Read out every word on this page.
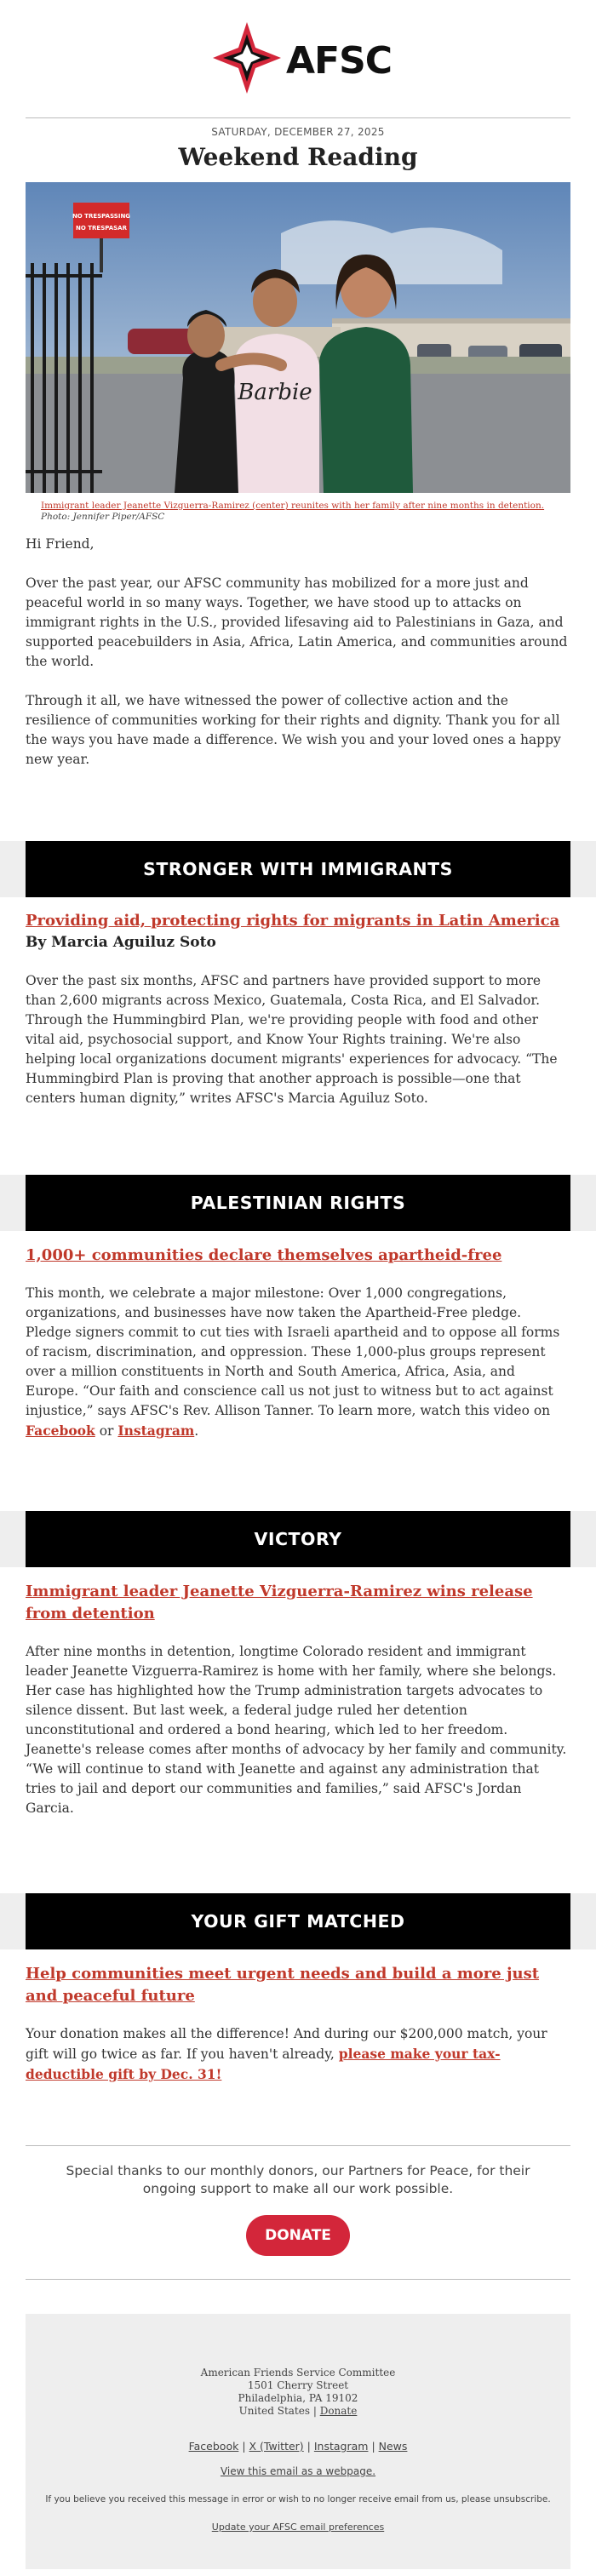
AFSC
SATURDAY, DECEMBER 27, 2025
Weekend Reading
NO TRESPASSING
NO TRESPASAR
Barbie
Immigrant leader Jeanette Vizguerra-Ramirez (center) reunites with her family after nine months in detention.
Photo: Jennifer Piper/AFSC

Hi Friend,

Over the past year, our AFSC community has mobilized for a more just and peaceful world in so many ways. Together, we have stood up to attacks on immigrant rights in the U.S., provided lifesaving aid to Palestinians in Gaza, and supported peacebuilders in Asia, Africa, Latin America, and communities around the world.

Through it all, we have witnessed the power of collective action and the resilience of communities working for their rights and dignity. Thank you for all the ways you have made a difference. We wish you and your loved ones a happy new year.

STRONGER WITH IMMIGRANTS
Providing aid, protecting rights for migrants in Latin America

By Marcia Aguiluz Soto

Over the past six months, AFSC and partners have provided support to more than 2,600 migrants across Mexico, Guatemala, Costa Rica, and El Salvador. Through the Hummingbird Plan, we're providing people with food and other vital aid, psychosocial support, and Know Your Rights training. We're also helping local organizations document migrants' experiences for advocacy. “The Hummingbird Plan is proving that another approach is possible—one that centers human dignity,” writes AFSC's Marcia Aguiluz Soto.

PALESTINIAN RIGHTS
1,000+ communities declare themselves apartheid-free

This month, we celebrate a major milestone: Over 1,000 congregations, organizations, and businesses have now taken the Apartheid-Free pledge. Pledge signers commit to cut ties with Israeli apartheid and to oppose all forms of racism, discrimination, and oppression. These 1,000-plus groups represent over a million constituents in North and South America, Africa, Asia, and Europe. “Our faith and conscience call us not just to witness but to act against injustice,” says AFSC's Rev. Allison Tanner. To learn more, watch this video on Facebook or Instagram.

VICTORY
Immigrant leader Jeanette Vizguerra-Ramirez wins release from detention

After nine months in detention, longtime Colorado resident and immigrant leader Jeanette Vizguerra-Ramirez is home with her family, where she belongs. Her case has highlighted how the Trump administration targets advocates to silence dissent. But last week, a federal judge ruled her detention unconstitutional and ordered a bond hearing, which led to her freedom. Jeanette's release comes after months of advocacy by her family and community. “We will continue to stand with Jeanette and against any administration that tries to jail and deport our communities and families,” said AFSC's Jordan Garcia.

YOUR GIFT MATCHED
Help communities meet urgent needs and build a more just and peaceful future

Your donation makes all the difference! And during our $200,000 match, your gift will go twice as far. If you haven't already, please make your tax-deductible gift by Dec. 31!

Special thanks to our monthly donors, our Partners for Peace, for their ongoing support to make all our work possible.
DONATE
American Friends Service Committee
1501 Cherry Street
Philadelphia, PA 19102
United States | Donate
Facebook | X (Twitter) | Instagram | News
View this email as a webpage.
If you believe you received this message in error or wish to no longer receive email from us, please unsubscribe.
Update your AFSC email preferences
